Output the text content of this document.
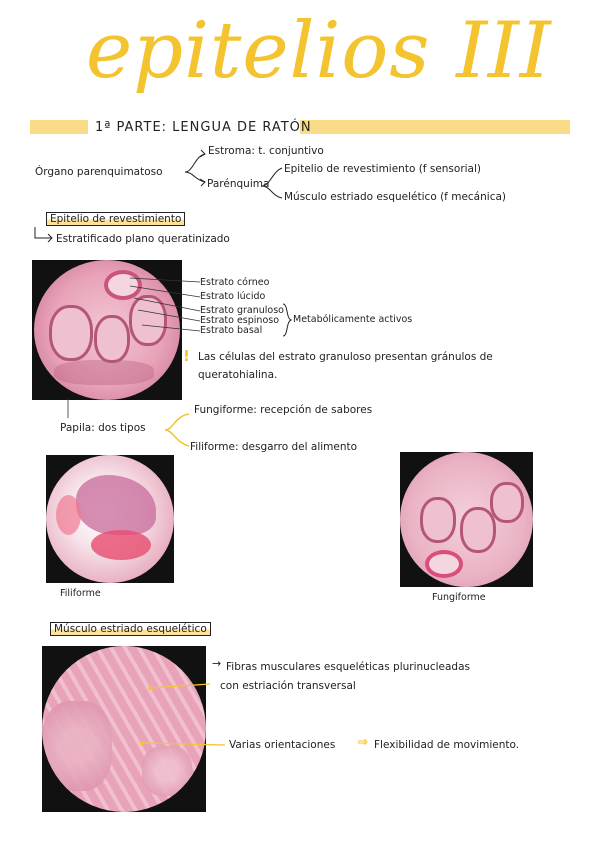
epitelios III
1ª PARTE: LENGUA DE RATÓN
Órgano parenquimatoso
Estroma: t. conjuntivo
Parénquima
Epitelio de revestimiento (f sensorial)
Músculo estriado esquelético (f mecánica)
Epitelio de revestimiento
Estratificado plano queratinizado
Estrato córneo
Estrato lúcido
Estrato granuloso
Estrato espinoso
Estrato basal
Metabólicamente activos
! Las células del estrato granuloso presentan gránulos de queratohialina.
Papila: dos tipos
Fungiforme: recepción de sabores
Filiforme: desgarro del alimento
Filiforme	Fungiforme
Músculo estriado esquelético
→ Fibras musculares esqueléticas plurinucleadas
con estriación transversal
Varias orientaciones ⇒ Flexibilidad de movimiento.
